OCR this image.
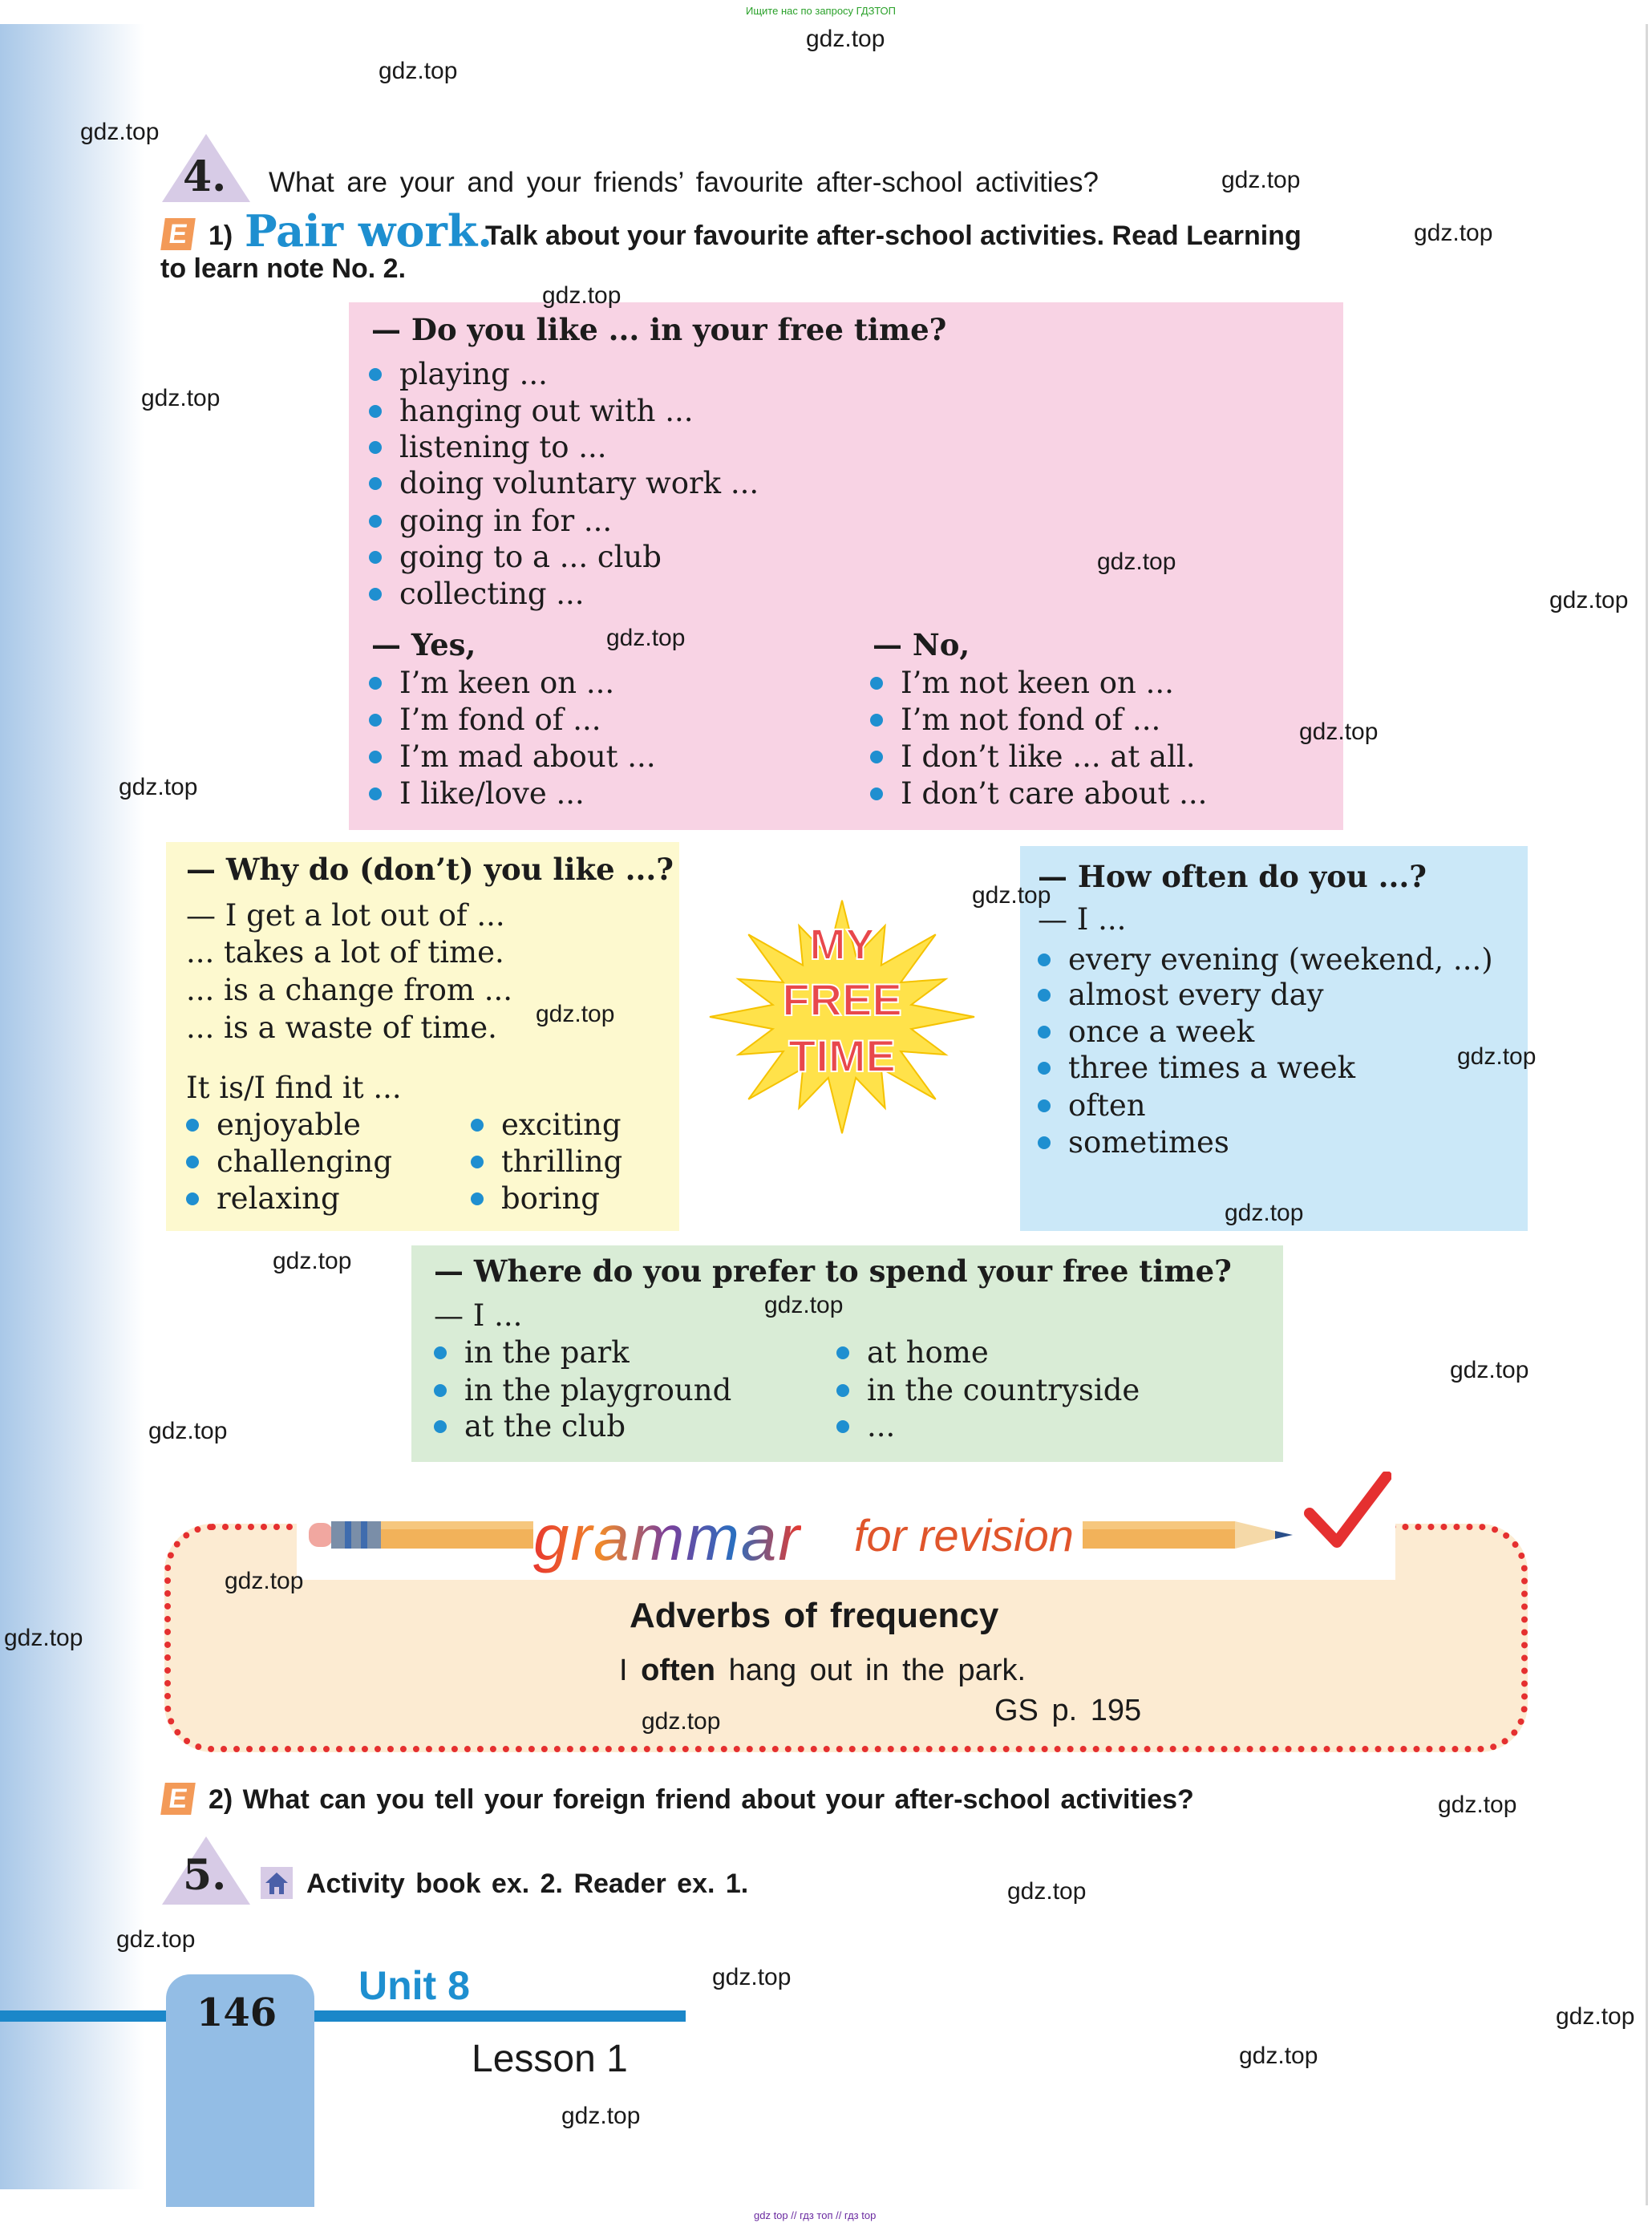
Ищите нас по запросу ГДЗТОП
gdz top // гдз топ // гдз top
4. What are your and your friends’ favourite after-school activities?
E 1) Pair work.
Talk about your favourite after-school activities. Read Learning
to learn note No. 2.
— Do you like ... in your free time?
playing ...
hanging out with ...
listening to ...
doing voluntary work ...
going in for ...
going to a ... club
collecting ...
— Yes,
I’m keen on ...
I’m fond of ...
I’m mad about ...
I like/love ...
— No,
I’m not keen on ...
I’m not fond of ...
I don’t like ... at all.
I don’t care about ...
— Why do (don’t) you like ...?
— I get a lot out of ...
... takes a lot of time.
... is a change from ...
... is a waste of time.
It is/I find it ...
enjoyable
challenging
relaxing
exciting
thrilling
boring
MY
FREE
TIME
— How often do you ...?
— I ...
every evening (weekend, ...)
almost every day
once a week
three times a week
often
sometimes
— Where do you prefer to spend your free time?
— I ...
in the park
in the playground
at the club
at home
in the countryside
...
grammar for revision
Adverbs of frequency
I often hang out in the park.
GS p. 195
E 2) What can you tell your foreign friend about your after-school activities?
5.	Activity book ex. 2. Reader ex. 1.
146
Unit 8
Lesson 1
gdz.top
gdz.top
gdz.top
gdz.top
gdz.top
gdz.top
gdz.top
gdz.top
gdz.top
gdz.top
gdz.top
gdz.top
gdz.top
gdz.top
gdz.top
gdz.top
gdz.top
gdz.top
gdz.top
gdz.top
gdz.top
gdz.top
gdz.top
gdz.top
gdz.top
gdz.top
gdz.top
gdz.top
gdz.top
gdz.top
